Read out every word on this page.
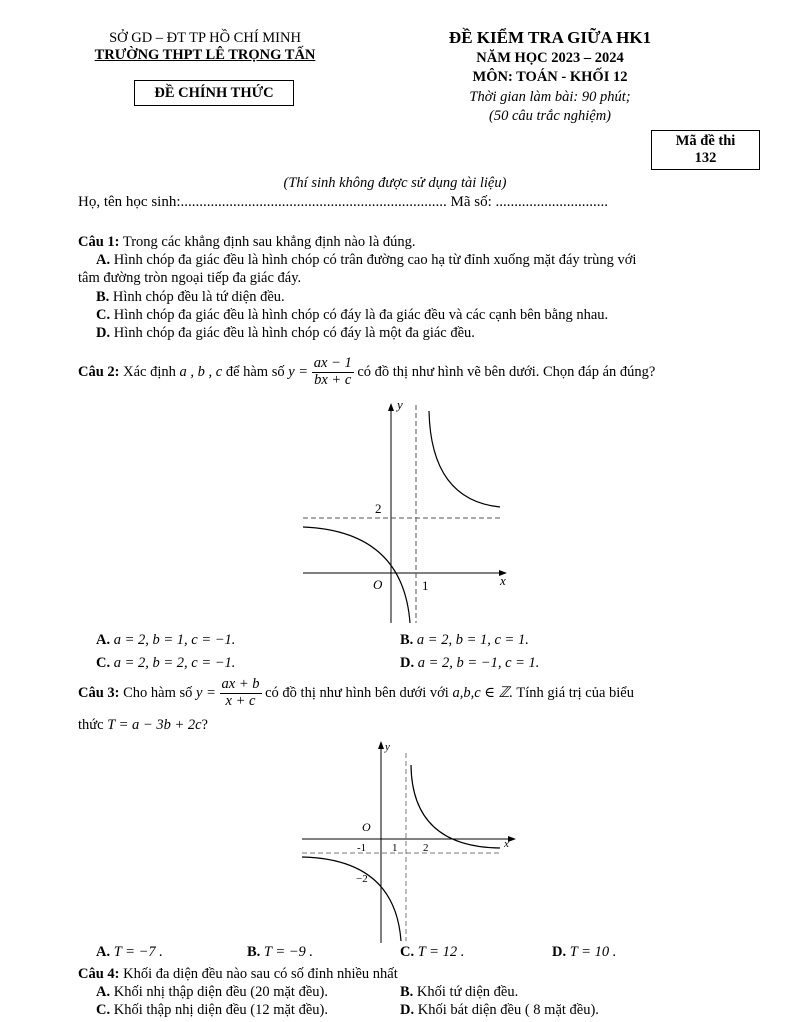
SỞ GD – ĐT TP HỒ CHÍ MINH
TRƯỜNG THPT LÊ TRỌNG TẤN
ĐỀ CHÍNH THỨC
ĐỀ KIỂM TRA GIỮA HK1
NĂM HỌC 2023 – 2024
MÔN: TOÁN - KHỐI 12
Thời gian làm bài: 90 phút;
(50 câu trắc nghiệm)
Mã đề thi
132
(Thí sinh không được sử dụng tài liệu)
Họ, tên học sinh:....................................................................... Mã số: ..............................
Câu 1: Trong các khẳng định sau khẳng định nào là đúng.
A. Hình chóp đa giác đều là hình chóp có trân đường cao hạ từ đỉnh xuống mặt đáy trùng với
tâm đường tròn ngoại tiếp đa giác đáy.
B. Hình chóp đều là tứ diện đều.
C. Hình chóp đa giác đều là hình chóp có đáy là đa giác đều và các cạnh bên bằng nhau.
D. Hình chóp đa giác đều là hình chóp có đáy là một đa giác đều.
Câu 2: Xác định a , b , c để hàm số $y = \frac{ax - 1}{bx + c}$ có đồ thị như hình vẽ bên dưới. Chọn đáp án đúng?
y
x
O
2
1
A. a = 2, b = 1, c = −1.	B. a = 2, b = 1, c = 1.
C. a = 2, b = 2, c = −1.	D. a = 2, b = −1, c = 1.
Câu 3: Cho hàm số $y = \frac{ax + b}{x + c}$ có đồ thị như hình bên dưới với a,b,c ∈ ℤ. Tính giá trị của biểu
thức T = a − 3b + 2c?
y
x
O
-1 1 2
−2
A. T = −7 .	B. T = −9 .	C. T = 12 .	D. T = 10 .
Câu 4: Khối đa diện đều nào sau có số đỉnh nhiều nhất
A. Khối nhị thập diện đều (20 mặt đều).	B. Khối tứ diện đều.
C. Khối thập nhị diện đều (12 mặt đều).	D. Khối bát diện đều ( 8 mặt đều).
